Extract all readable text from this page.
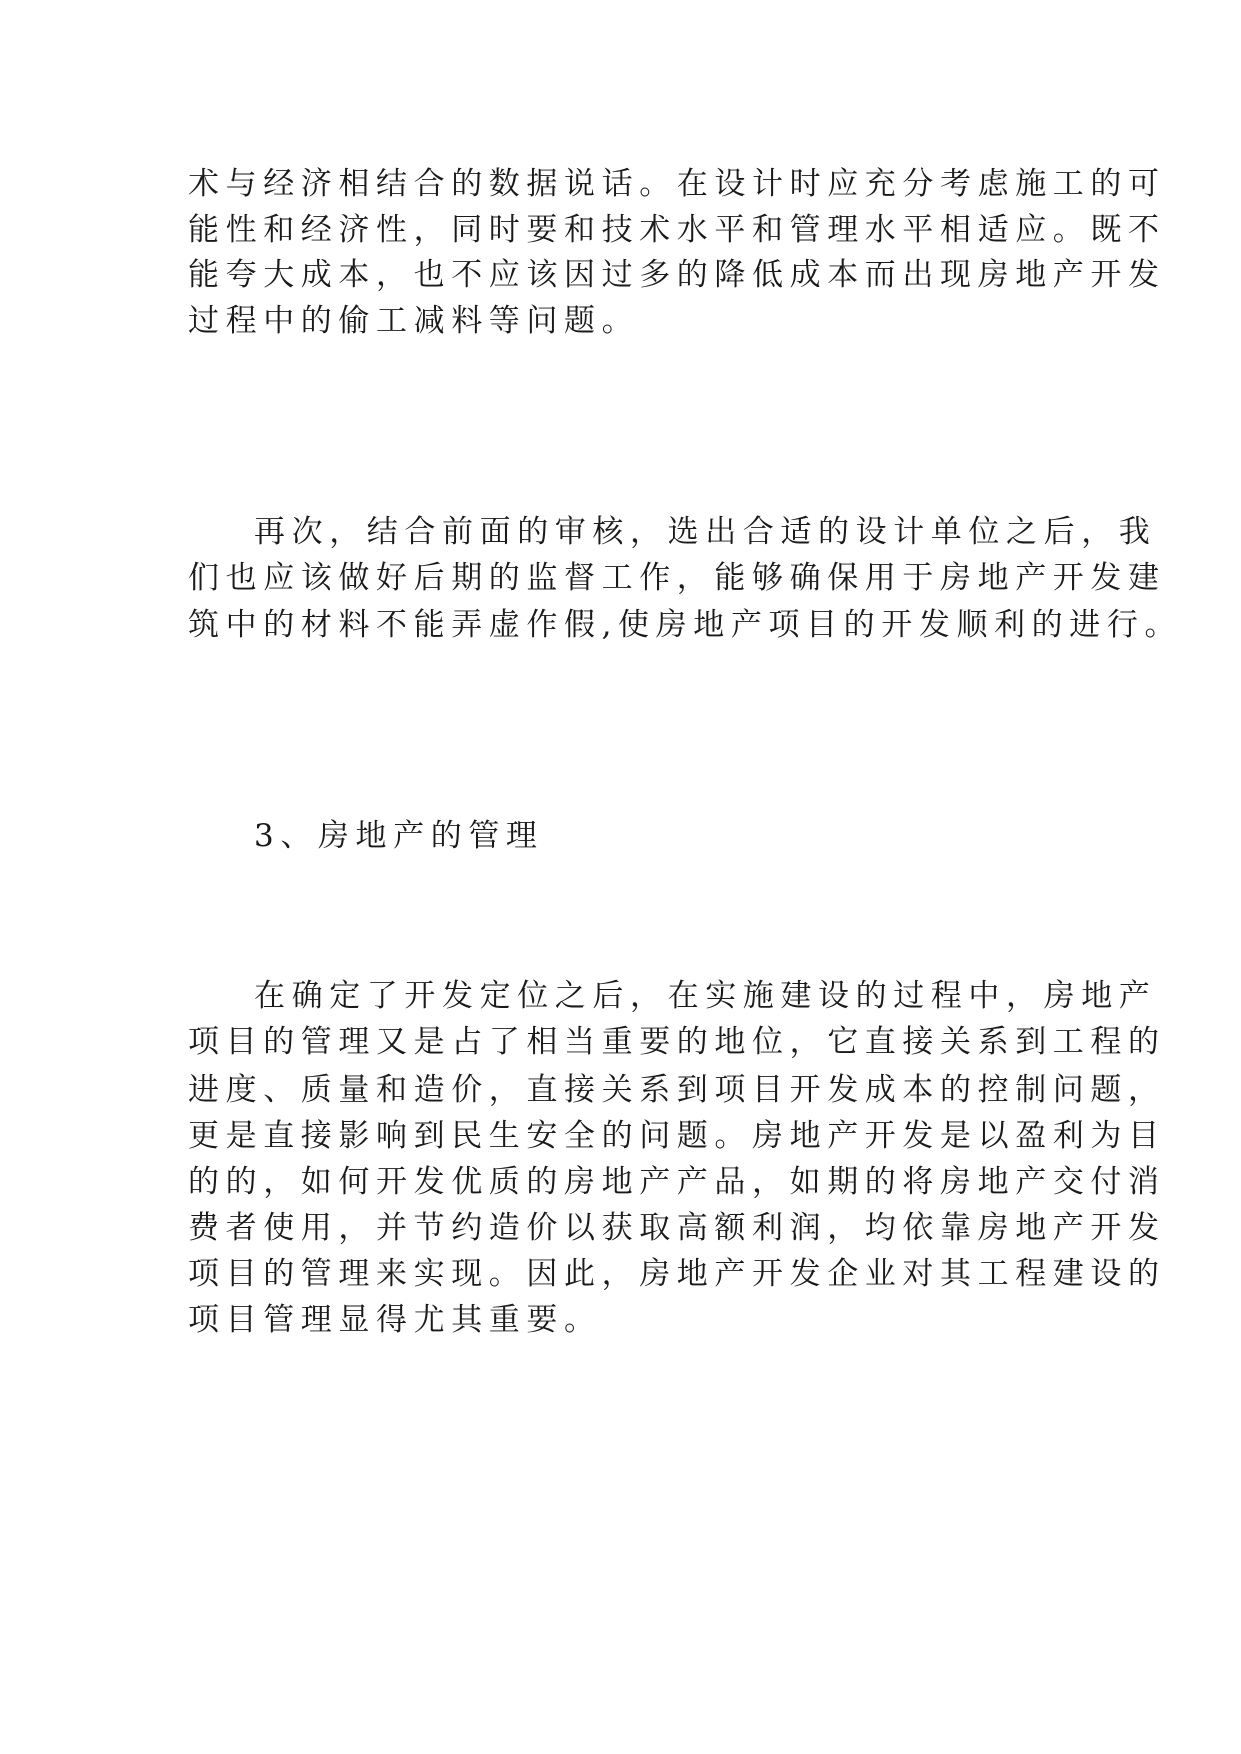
术与经济相结合的数据说话。在设计时应充分考虑施工的可
能性和经济性，同时要和技术水平和管理水平相适应。既不
能夸大成本，也不应该因过多的降低成本而出现房地产开发
过程中的偷工减料等问题。
再次，结合前面的审核，选出合适的设计单位之后，我
们也应该做好后期的监督工作，能够确保用于房地产开发建
筑中的材料不能弄虚作假,使房地产项目的开发顺利的进行。
3、房地产的管理
在确定了开发定位之后，在实施建设的过程中，房地产
项目的管理又是占了相当重要的地位，它直接关系到工程的
进度、质量和造价，直接关系到项目开发成本的控制问题，
更是直接影响到民生安全的问题。房地产开发是以盈利为目
的的，如何开发优质的房地产产品，如期的将房地产交付消
费者使用，并节约造价以获取高额利润，均依靠房地产开发
项目的管理来实现。因此，房地产开发企业对其工程建设的
项目管理显得尤其重要。
